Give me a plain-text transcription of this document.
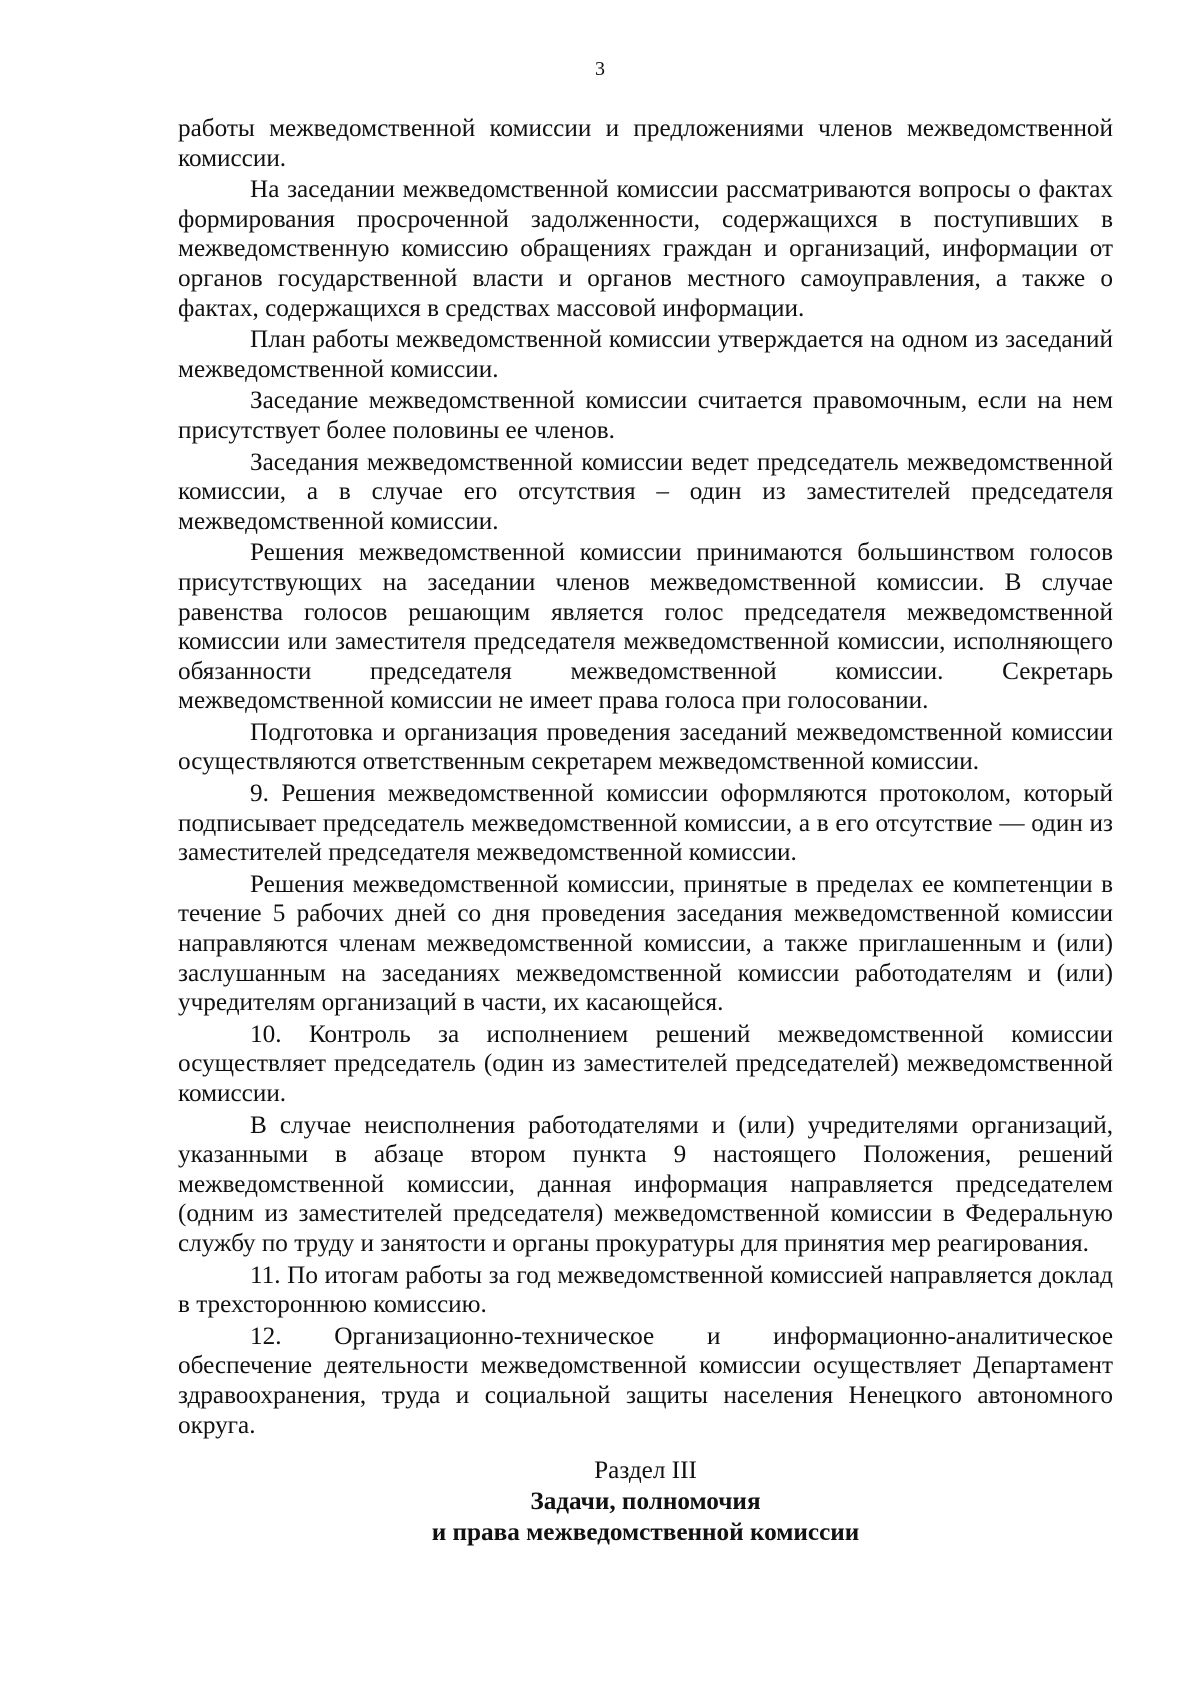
3

работы межведомственной комиссии и предложениями членов межведомственной комиссии.

На заседании межведомственной комиссии рассматриваются вопросы о фактах формирования просроченной задолженности, содержащихся в поступивших в межведомственную комиссию обращениях граждан и организаций, информации от органов государственной власти и органов местного самоуправления, а также о фактах, содержащихся в средствах массовой информации.

План работы межведомственной комиссии утверждается на одном из заседаний межведомственной комиссии.

Заседание межведомственной комиссии считается правомочным, если на нем присутствует более половины ее членов.

Заседания межведомственной комиссии ведет председатель межведомственной комиссии, а в случае его отсутствия – один из заместителей председателя межведомственной комиссии.

Решения межведомственной комиссии принимаются большинством голосов присутствующих на заседании членов межведомственной комиссии. В случае равенства голосов решающим является голос председателя межведомственной комиссии или заместителя председателя межведомственной комиссии, исполняющего обязанности председателя межведомственной комиссии. Секретарь межведомственной комиссии не имеет права голоса при голосовании.

Подготовка и организация проведения заседаний межведомственной комиссии осуществляются ответственным секретарем межведомственной комиссии.

9. Решения межведомственной комиссии оформляются протоколом, который подписывает председатель межведомственной комиссии, а в его отсутствие — один из заместителей председателя межведомственной комиссии.

Решения межведомственной комиссии, принятые в пределах ее компетенции в течение 5 рабочих дней со дня проведения заседания межведомственной комиссии направляются членам межведомственной комиссии, а также приглашенным и (или) заслушанным на заседаниях межведомственной комиссии работодателям и (или) учредителям организаций в части, их касающейся.

10. Контроль за исполнением решений межведомственной комиссии осуществляет председатель (один из заместителей председателей) межведомственной комиссии.

В случае неисполнения работодателями и (или) учредителями организаций, указанными в абзаце втором пункта 9 настоящего Положения, решений межведомственной комиссии, данная информация направляется председателем (одним из заместителей председателя) межведомственной комиссии в Федеральную службу по труду и занятости и органы прокуратуры для принятия мер реагирования.

11. По итогам работы за год межведомственной комиссией направляется доклад в трехстороннюю комиссию.

12. Организационно-техническое и информационно-аналитическое обеспечение деятельности межведомственной комиссии осуществляет Департамент здравоохранения, труда и социальной защиты населения Ненецкого автономного округа.

Раздел III
Задачи, полномочия
и права межведомственной комиссии
